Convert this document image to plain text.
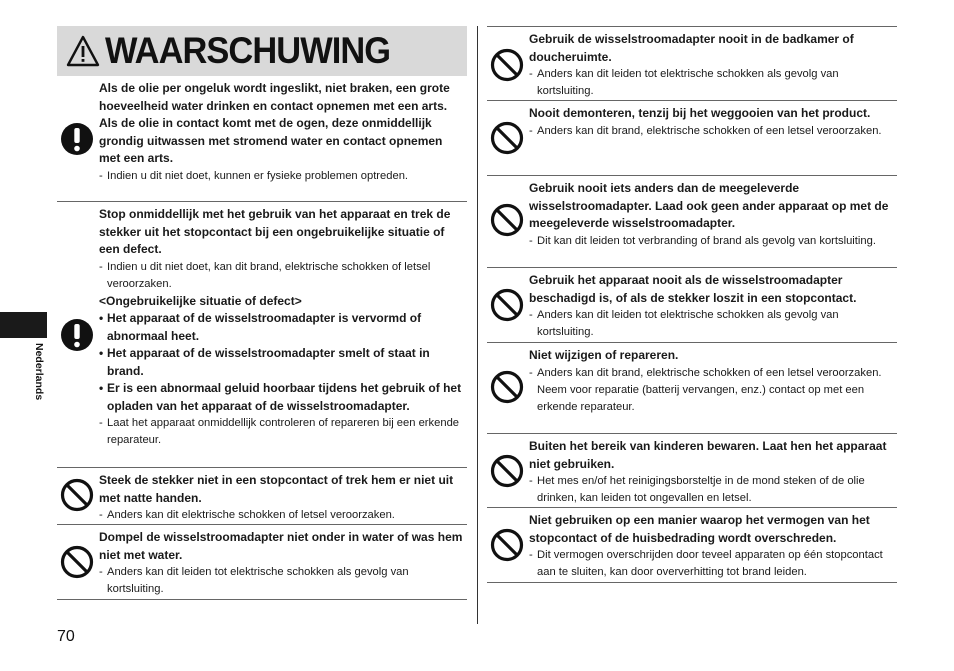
WAARSCHUWING
Als de olie per ongeluk wordt ingeslikt, niet braken, een grote hoeveelheid water drinken en contact opnemen met een arts.
Als de olie in contact komt met de ogen, deze onmiddellijk grondig uitwassen met stromend water en contact opnemen met een arts.
- Indien u dit niet doet, kunnen er fysieke problemen optreden.
Stop onmiddellijk met het gebruik van het apparaat en trek de stekker uit het stopcontact bij een ongebruikelijke situatie of een defect.
- Indien u dit niet doet, kan dit brand, elektrische schokken of letsel veroorzaken.
<Ongebruikelijke situatie of defect>
• Het apparaat of de wisselstroomadapter is vervormd of abnormaal heet.
• Het apparaat of de wisselstroomadapter smelt of staat in brand.
• Er is een abnormaal geluid hoorbaar tijdens het gebruik of het opladen van het apparaat of de wisselstroomadapter.
- Laat het apparaat onmiddellijk controleren of repareren bij een erkende reparateur.
Steek de stekker niet in een stopcontact of trek hem er niet uit met natte handen.
- Anders kan dit elektrische schokken of letsel veroorzaken.
Dompel de wisselstroomadapter niet onder in water of was hem niet met water.
- Anders kan dit leiden tot elektrische schokken als gevolg van kortsluiting.
Gebruik de wisselstroomadapter nooit in de badkamer of doucheruimte.
- Anders kan dit leiden tot elektrische schokken als gevolg van kortsluiting.
Nooit demonteren, tenzij bij het weggooien van het product.
- Anders kan dit brand, elektrische schokken of een letsel veroorzaken.
Gebruik nooit iets anders dan de meegeleverde wisselstroomadapter. Laad ook geen ander apparaat op met de meegeleverde wisselstroomadapter.
- Dit kan dit leiden tot verbranding of brand als gevolg van kortsluiting.
Gebruik het apparaat nooit als de wisselstroomadapter beschadigd is, of als de stekker loszit in een stopcontact.
- Anders kan dit leiden tot elektrische schokken als gevolg van kortsluiting.
Niet wijzigen of repareren.
- Anders kan dit brand, elektrische schokken of een letsel veroorzaken.
Neem voor reparatie (batterij vervangen, enz.) contact op met een erkende reparateur.
Buiten het bereik van kinderen bewaren. Laat hen het apparaat niet gebruiken.
- Het mes en/of het reinigingsborsteltje in de mond steken of de olie drinken, kan leiden tot ongevallen en letsel.
Niet gebruiken op een manier waarop het vermogen van het stopcontact of de huisbedrading wordt overschreden.
- Dit vermogen overschrijden door teveel apparaten op één stopcontact aan te sluiten, kan door oververhitting tot brand leiden.
Nederlands
70
